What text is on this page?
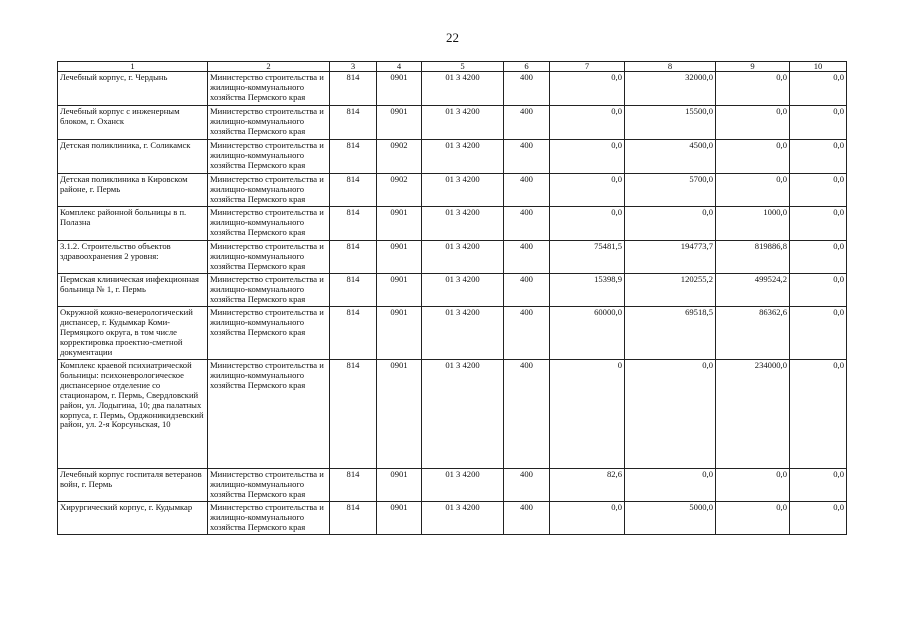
22
1	2	3	4	5	6	7	8	9	10
Лечебный корпус, г. Чердынь	Министерство строительства и жилищно-коммунального хозяйства Пермского края	814	0901	01 3 4200	400	0,0	32000,0	0,0	0,0
Лечебный корпус с инженерным блоком, г. Оханск	Министерство строительства и жилищно-коммунального хозяйства Пермского края	814	0901	01 3 4200	400	0,0	15500,0	0,0	0,0
Детская поликлиника, г. Соликамск	Министерство строительства и жилищно-коммунального хозяйства Пермского края	814	0902	01 3 4200	400	0,0	4500,0	0,0	0,0
Детская поликлиника в Кировском районе, г. Пермь	Министерство строительства и жилищно-коммунального хозяйства Пермского края	814	0902	01 3 4200	400	0,0	5700,0	0,0	0,0
Комплекс районной больницы в п. Полазна	Министерство строительства и жилищно-коммунального хозяйства Пермского края	814	0901	01 3 4200	400	0,0	0,0	1000,0	0,0
3.1.2. Строительство объектов здравоохранения 2 уровня:	Министерство строительства и жилищно-коммунального хозяйства Пермского края	814	0901	01 3 4200	400	75481,5	194773,7	819886,8	0,0
Пермская клиническая инфекционная больница № 1, г. Пермь	Министерство строительства и жилищно-коммунального хозяйства Пермского края	814	0901	01 3 4200	400	15398,9	120255,2	499524,2	0,0
Окружной кожно-венерологический диспансер, г. Кудымкар Коми-Пермяцкого округа, в том числе корректировка проектно-сметной документации	Министерство строительства и жилищно-коммунального хозяйства Пермского края	814	0901	01 3 4200	400	60000,0	69518,5	86362,6	0,0
Комплекс краевой психиатрической больницы: психоневрологическое диспансерное отделение со стационаром, г. Пермь, Свердловский район, ул. Лодыгина, 10; два палатных корпуса, г. Пермь, Орджоникидзевский район, ул. 2-я Корсуньская, 10	Министерство строительства и жилищно-коммунального хозяйства Пермского края	814	0901	01 3 4200	400	0	0,0	234000,0	0,0
Лечебный корпус госпиталя ветеранов войн, г. Пермь	Министерство строительства и жилищно-коммунального хозяйства Пермского края	814	0901	01 3 4200	400	82,6	0,0	0,0	0,0
Хирургический корпус, г. Кудымкар	Министерство строительства и жилищно-коммунального хозяйства Пермского края	814	0901	01 3 4200	400	0,0	5000,0	0,0	0,0
